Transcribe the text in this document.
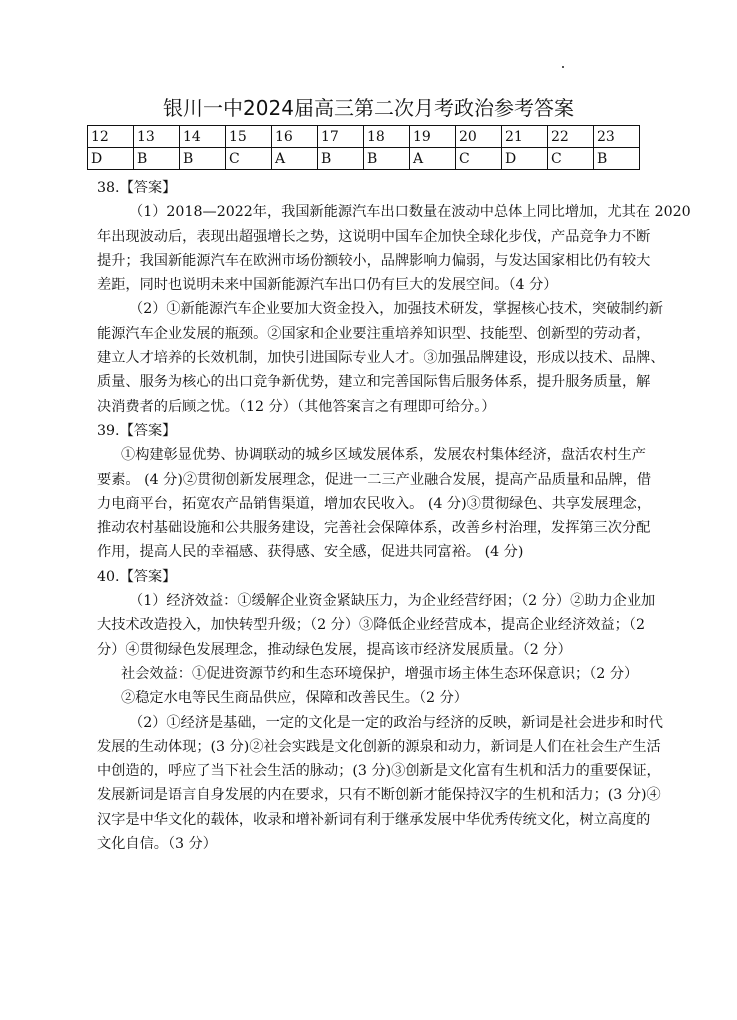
银川一中2024届高三第二次月考政治参考答案
12	13	14	15	16	17	18	19	20	21	22	23
D	B	B	C	A	B	B	A	C	D	C	B
38.【答案】
（1）2018—2022年，我国新能源汽车出口数量在波动中总体上同比增加，尤其在 2020
年出现波动后，表现出超强增长之势，这说明中国车企加快全球化步伐，产品竞争力不断
提升；我国新能源汽车在欧洲市场份额较小，品牌影响力偏弱，与发达国家相比仍有较大
差距，同时也说明未来中国新能源汽车出口仍有巨大的发展空间。（4 分）
（2）①新能源汽车企业要加大资金投入，加强技术研发，掌握核心技术，突破制约新
能源汽车企业发展的瓶颈。②国家和企业要注重培养知识型、技能型、创新型的劳动者，
建立人才培养的长效机制，加快引进国际专业人才。③加强品牌建设，形成以技术、品牌、
质量、服务为核心的出口竞争新优势，建立和完善国际售后服务体系，提升服务质量，解
决消费者的后顾之忧。（12 分）（其他答案言之有理即可给分。）
39.【答案】
①构建彰显优势、协调联动的城乡区域发展体系，发展农村集体经济，盘活农村生产
要素。 (4 分)②贯彻创新发展理念，促进一二三产业融合发展，提高产品质量和品牌，借
力电商平台，拓宽农产品销售渠道，增加农民收入。 (4 分)③贯彻绿色、共享发展理念，
推动农村基础设施和公共服务建设，完善社会保障体系，改善乡村治理，发挥第三次分配
作用，提高人民的幸福感、获得感、安全感，促进共同富裕。 (4 分)
40.【答案】
（1）经济效益：①缓解企业资金紧缺压力，为企业经营纾困；（2 分）②助力企业加
大技术改造投入，加快转型升级；（2 分）③降低企业经营成本，提高企业经济效益；（2
分）④贯彻绿色发展理念，推动绿色发展，提高该市经济发展质量。（2 分）
社会效益：①促进资源节约和生态环境保护，增强市场主体生态环保意识；（2 分）
②稳定水电等民生商品供应，保障和改善民生。（2 分）
（2）①经济是基础，一定的文化是一定的政治与经济的反映，新词是社会进步和时代
发展的生动体现；(3 分)②社会实践是文化创新的源泉和动力，新词是人们在社会生产生活
中创造的，呼应了当下社会生活的脉动；(3 分)③创新是文化富有生机和活力的重要保证，
发展新词是语言自身发展的内在要求，只有不断创新才能保持汉字的生机和活力；(3 分)④
汉字是中华文化的载体，收录和增补新词有利于继承发展中华优秀传统文化，树立高度的
文化自信。（3 分）
